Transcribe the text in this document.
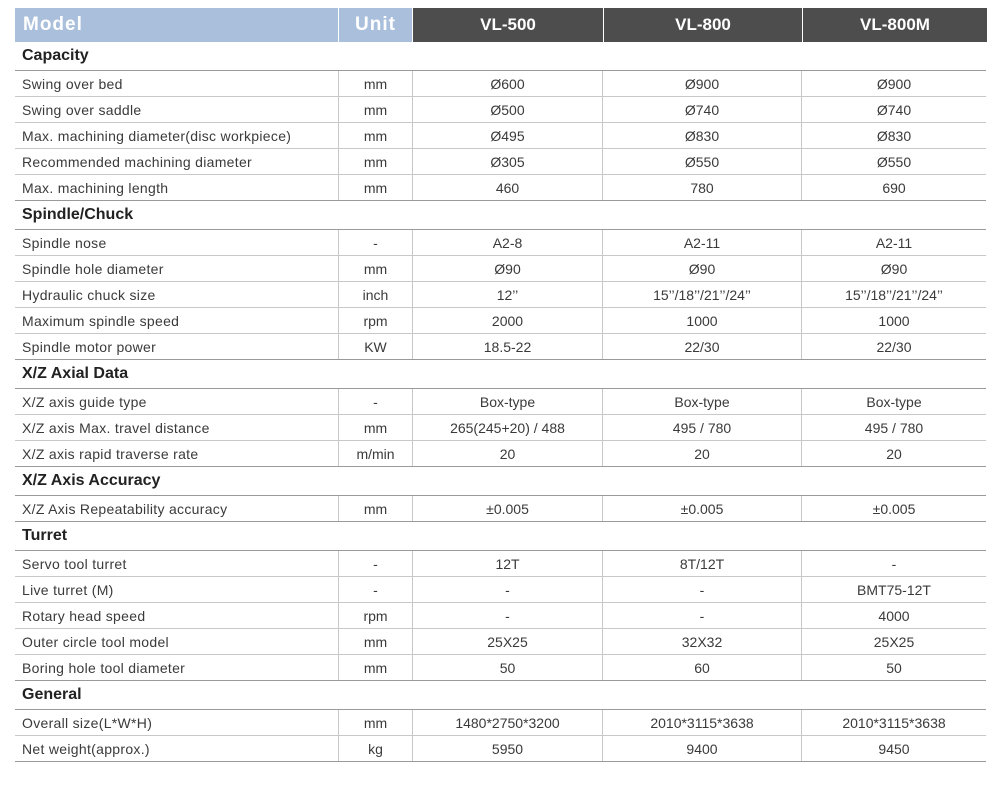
Model	Unit	VL-500	VL-800	VL-800M
Capacity
Swing over bed	mm	Ø600	Ø900	Ø900
Swing over saddle	mm	Ø500	Ø740	Ø740
Max. machining diameter(disc workpiece)	mm	Ø495	Ø830	Ø830
Recommended machining diameter	mm	Ø305	Ø550	Ø550
Max. machining length	mm	460	780	690
Spindle/Chuck
Spindle nose	-	A2-8	A2-11	A2-11
Spindle hole diameter	mm	Ø90	Ø90	Ø90
Hydraulic chuck size	inch	12’’	15’’/18’’/21’’/24’’	15’’/18’’/21’’/24’’
Maximum spindle speed	rpm	2000	1000	1000
Spindle motor power	KW	18.5-22	22/30	22/30
X/Z Axial Data
X/Z axis guide type	-	Box-type	Box-type	Box-type
X/Z axis Max. travel distance	mm	265(245+20) / 488	495 / 780	495 / 780
X/Z axis rapid traverse rate	m/min	20	20	20
X/Z Axis Accuracy
X/Z Axis Repeatability accuracy	mm	±0.005	±0.005	±0.005
Turret
Servo tool turret	-	12T	8T/12T	-
Live turret (M)	-	-	-	BMT75-12T
Rotary head speed	rpm	-	-	4000
Outer circle tool model	mm	25X25	32X32	25X25
Boring hole tool diameter	mm	50	60	50
General
Overall size(L*W*H)	mm	1480*2750*3200	2010*3115*3638	2010*3115*3638
Net weight(approx.)	kg	5950	9400	9450
